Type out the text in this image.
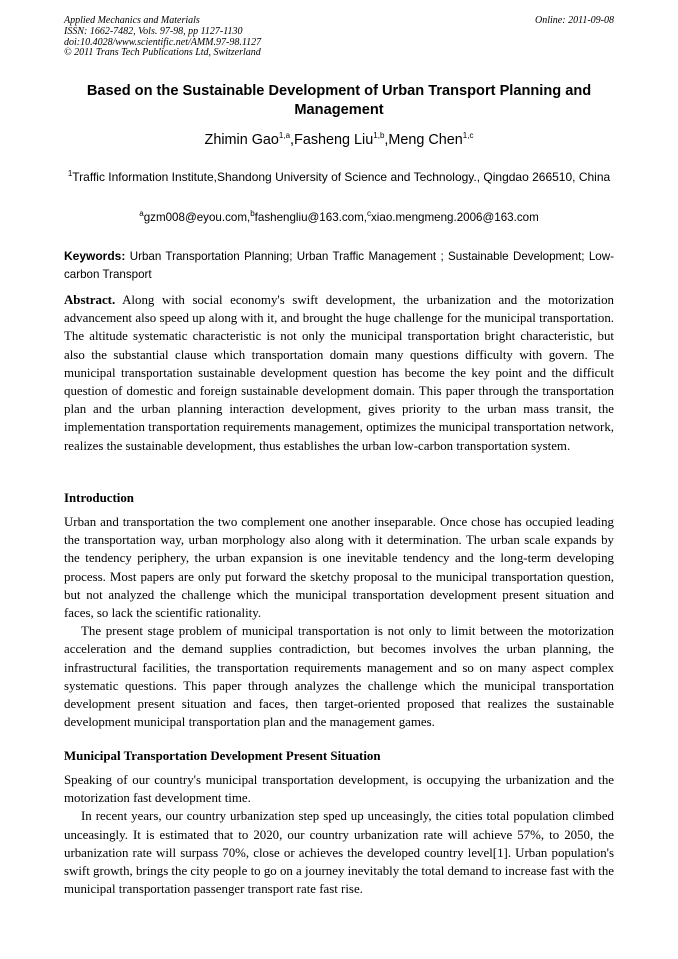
Applied Mechanics and Materials
ISSN: 1662-7482, Vols. 97-98, pp 1127-1130
doi:10.4028/www.scientific.net/AMM.97-98.1127
© 2011 Trans Tech Publications Ltd, Switzerland
Online: 2011-09-08
Based on the Sustainable Development of Urban Transport Planning and Management
Zhimin Gao$^{1,a}$,Fasheng Liu$^{1,b}$,Meng Chen$^{1,c}$
$^1$Traffic Information Institute,Shandong University of Science and Technology., Qingdao 266510, China
$^a$gzm008@eyou.com,$^b$fashengliu@163.com,$^c$xiao.mengmeng.2006@163.com
Keywords: Urban Transportation Planning; Urban Traffic Management ; Sustainable Development; Low-carbon Transport
Abstract. Along with social economy's swift development, the urbanization and the motorization advancement also speed up along with it, and brought the huge challenge for the municipal transportation. The altitude systematic characteristic is not only the municipal transportation bright characteristic, but also the substantial clause which transportation domain many questions difficulty with govern. The municipal transportation sustainable development question has become the key point and the difficult question of domestic and foreign sustainable development domain. This paper through the transportation plan and the urban planning interaction development, gives priority to the urban mass transit, the implementation transportation requirements management, optimizes the municipal transportation network, realizes the sustainable development, thus establishes the urban low-carbon transportation system.
Introduction

Urban and transportation the two complement one another inseparable. Once chose has occupied leading the transportation way, urban morphology also along with it determination. The urban scale expands by the tendency periphery, the urban expansion is one inevitable tendency and the long-term developing process. Most papers are only put forward the sketchy proposal to the municipal transportation question, but not analyzed the challenge which the municipal transportation development present situation and faces, so lack the scientific rationality.

The present stage problem of municipal transportation is not only to limit between the motorization acceleration and the demand supplies contradiction, but becomes involves the urban planning, the infrastructural facilities, the transportation requirements management and so on many aspect complex systematic questions. This paper through analyzes the challenge which the municipal transportation development present situation and faces, then target-oriented proposed that realizes the sustainable development municipal transportation plan and the management games.

Municipal Transportation Development Present Situation

Speaking of our country's municipal transportation development, is occupying the urbanization and the motorization fast development time.

In recent years, our country urbanization step sped up unceasingly, the cities total population climbed unceasingly. It is estimated that to 2020, our country urbanization rate will achieve 57%, to 2050, the urbanization rate will surpass 70%, close or achieves the developed country level[1]. Urban population's swift growth, brings the city people to go on a journey inevitably the total demand to increase fast with the municipal transportation passenger transport rate fast rise.
